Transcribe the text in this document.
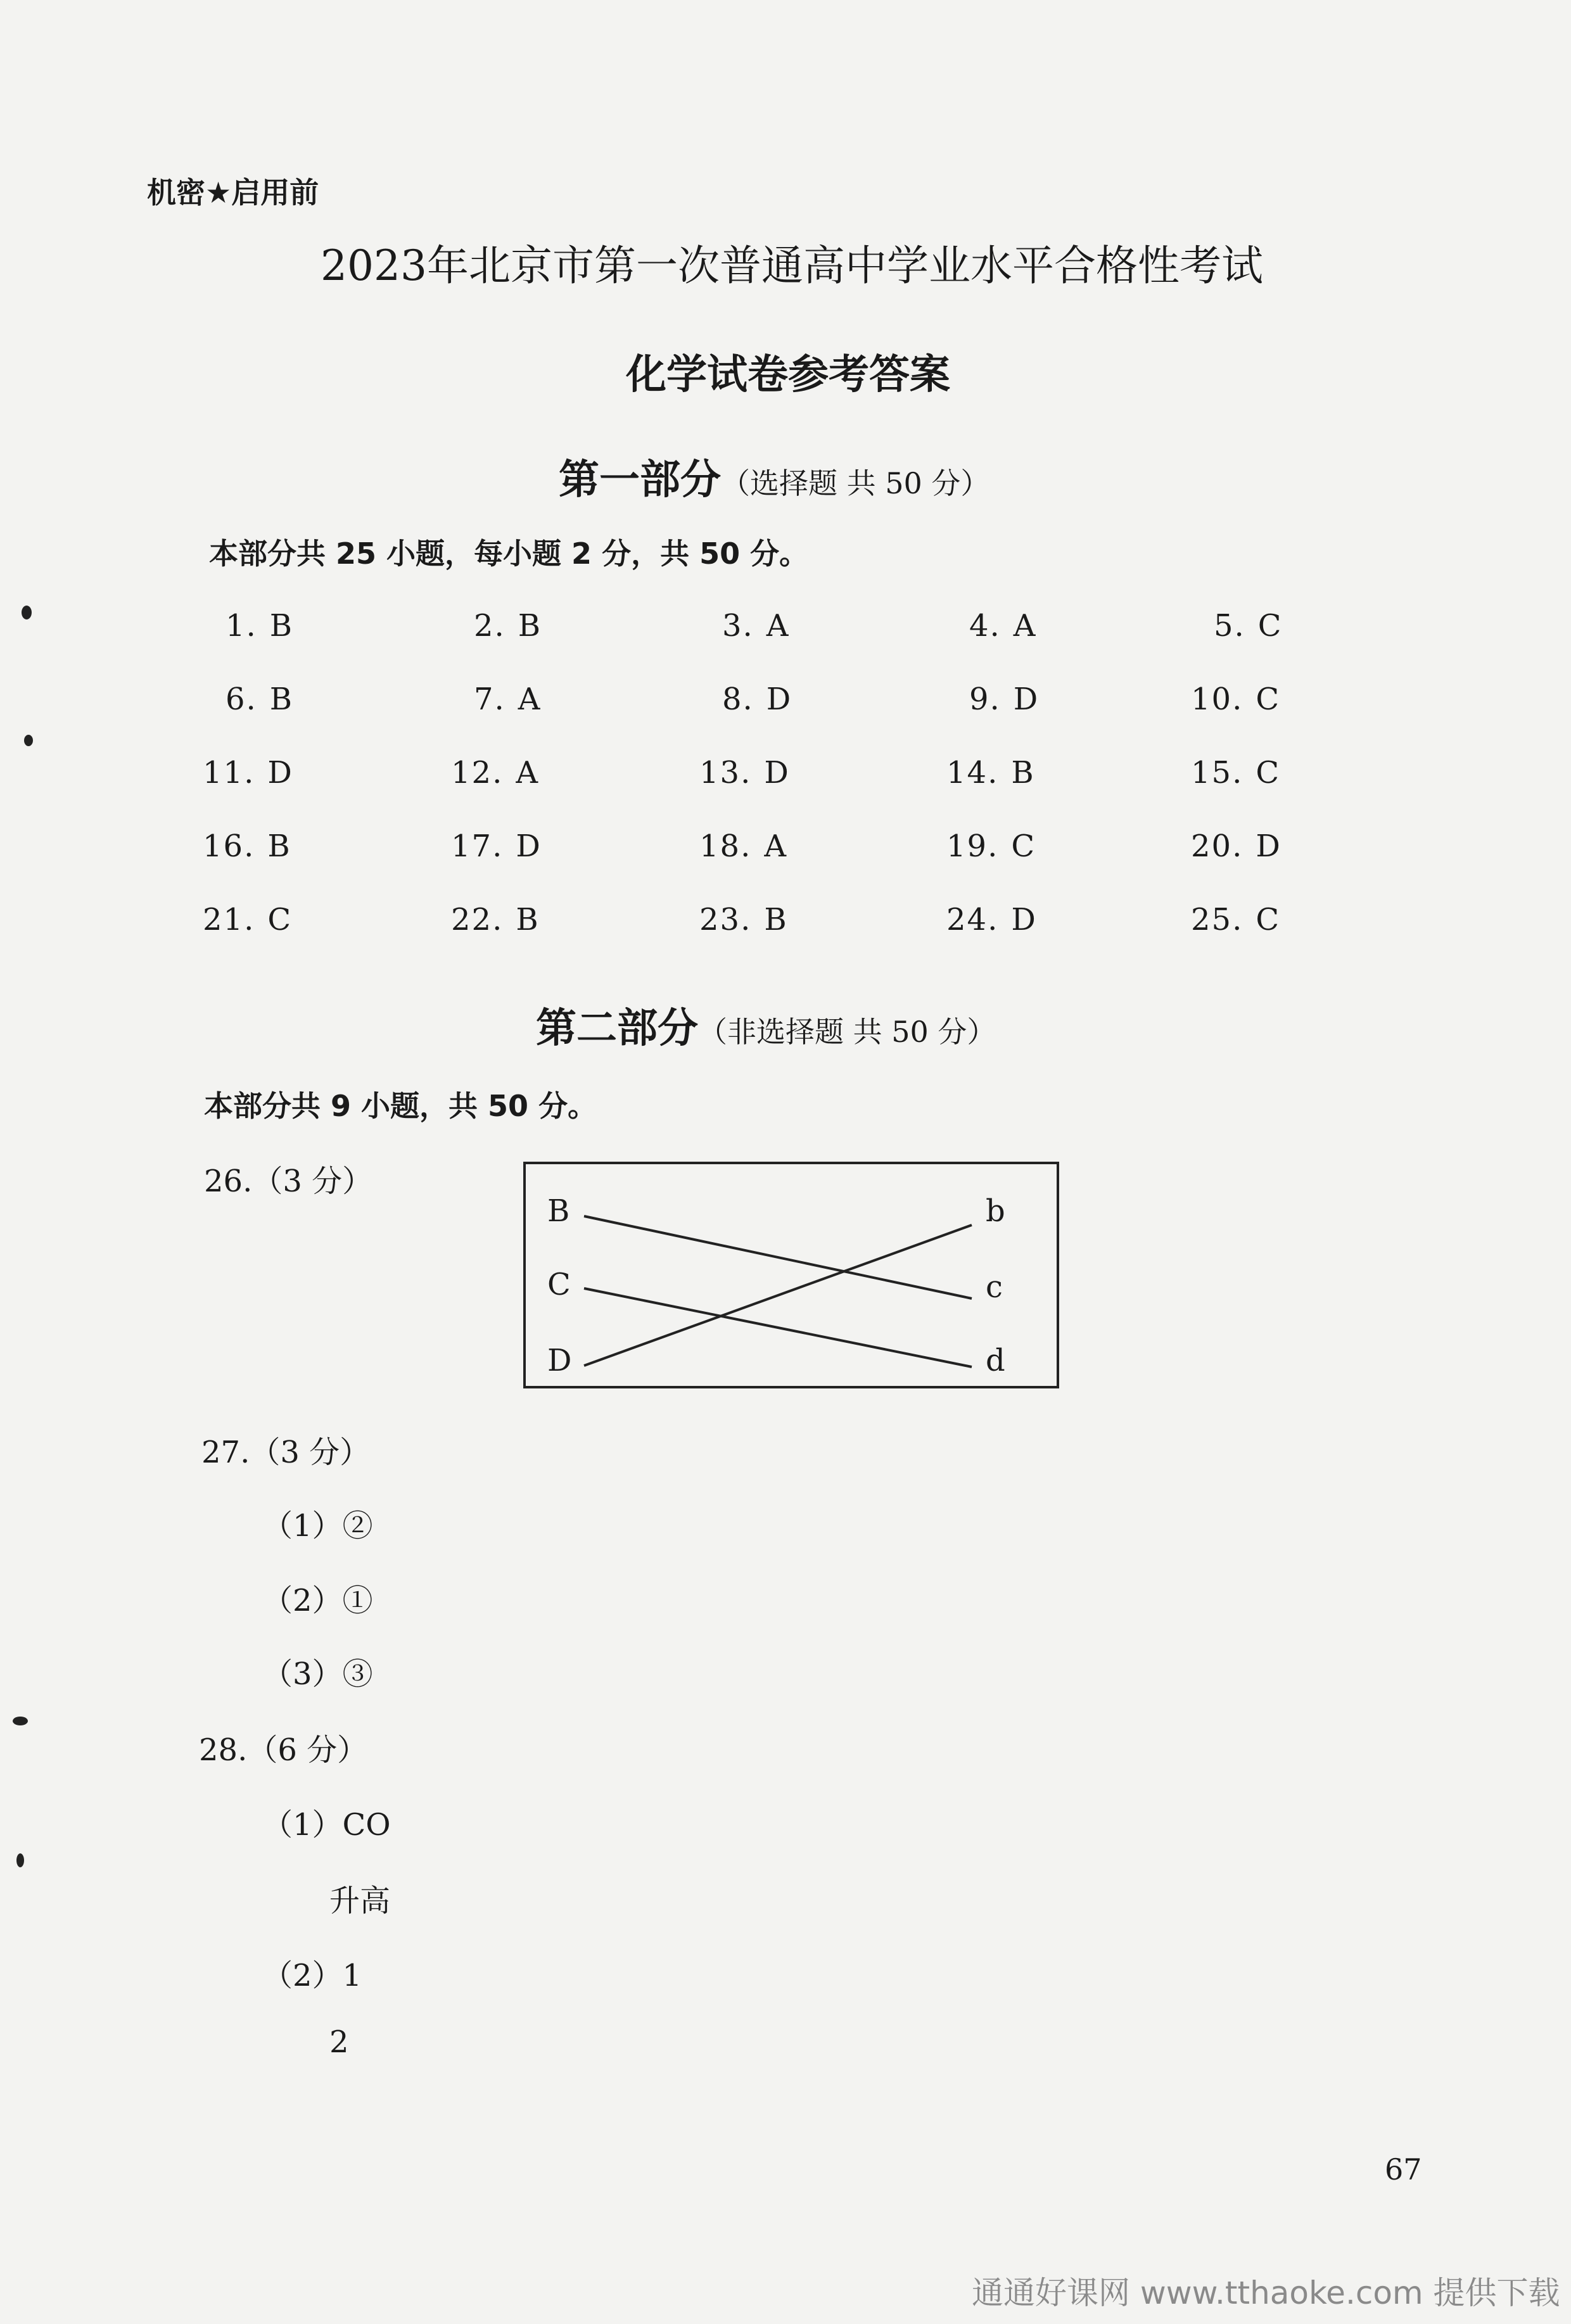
机密★启用前
2023年北京市第一次普通高中学业水平合格性考试
化学试卷参考答案
第一部分（选择题 共 50 分）
本部分共 25 小题，每小题 2 分，共 50 分。
1. B	2. B	3. A	4. A	5. C
6. B	7. A	8. D	9. D	10. C
11. D	12. A	13. D	14. B	15. C
16. B	17. D	18. A	19. C	20. D
21. C	22. B	23. B	24. D	25. C
第二部分（非选择题 共 50 分）
本部分共 9 小题，共 50 分。
26.（3 分）
B
C
D
b
c
d
27.（3 分）
（1）②
（2）①
（3）③
28.（6 分）
（1）CO
升高
（2）1
2
67
通通好课网 www.tthaoke.com 提供下载
